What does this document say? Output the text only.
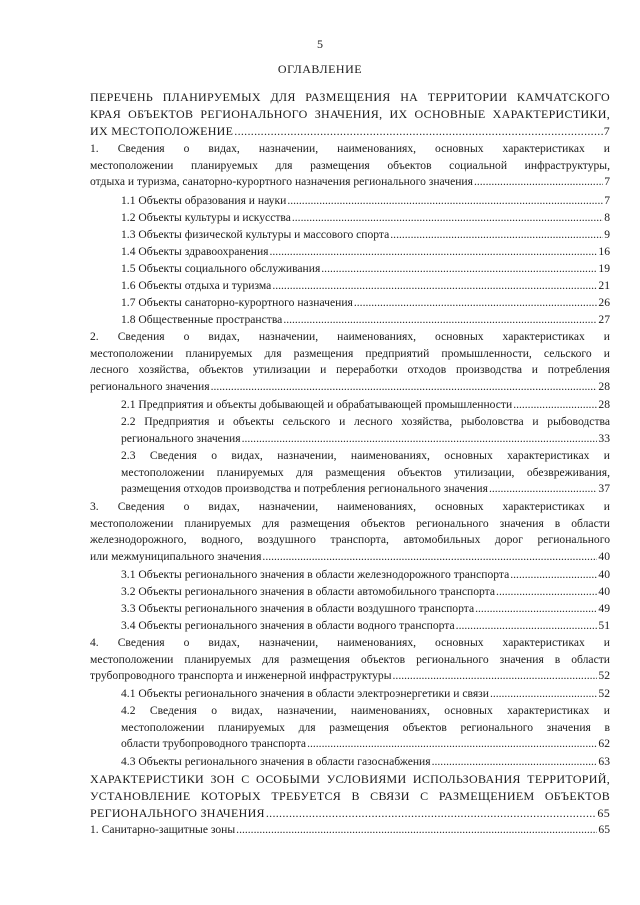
5
ОГЛАВЛЕНИЕ
ПЕРЕЧЕНЬ ПЛАНИРУЕМЫХ ДЛЯ РАЗМЕЩЕНИЯ НА ТЕРРИТОРИИ КАМЧАТСКОГО
КРАЯ ОБЪЕКТОВ РЕГИОНАЛЬНОГО ЗНАЧЕНИЯ, ИХ ОСНОВНЫЕ ХАРАКТЕРИСТИКИ,
ИХ МЕСТОПОЛОЖЕНИЕ .....	7
1. Сведения о видах, назначении, наименованиях, основных характеристиках и
местоположении планируемых для размещения объектов социальной инфраструктуры,
отдыха и туризма, санаторно-курортного назначения регионального значения .....	7
1.1 Объекты образования и науки .....	7
1.2 Объекты культуры и искусства .....	8
1.3 Объекты физической культуры и массового спорта .....	9
1.4 Объекты здравоохранения .....	16
1.5 Объекты социального обслуживания .....	19
1.6 Объекты отдыха и туризма .....	21
1.7 Объекты санаторно-курортного назначения .....	26
1.8 Общественные пространства .....	27
2. Сведения о видах, назначении, наименованиях, основных характеристиках и
местоположении планируемых для размещения предприятий промышленности, сельского и
лесного хозяйства, объектов утилизации и переработки отходов производства и потребления
регионального значения .....	28
2.1 Предприятия и объекты добывающей и обрабатывающей промышленности .....	28
2.2 Предприятия и объекты сельского и лесного хозяйства, рыболовства и рыбоводства
регионального значения .....	33
2.3 Сведения о видах, назначении, наименованиях, основных характеристиках и
местоположении планируемых для размещения объектов утилизации, обезвреживания,
размещения отходов производства и потребления регионального значения .....	37
3. Сведения о видах, назначении, наименованиях, основных характеристиках и
местоположении планируемых для размещения объектов регионального значения в области
железнодорожного, водного, воздушного транспорта, автомобильных дорог регионального
или межмуниципального значения .....	40
3.1 Объекты регионального значения в области железнодорожного транспорта .....	40
3.2 Объекты регионального значения в области автомобильного транспорта .....	40
3.3 Объекты регионального значения в области воздушного транспорта .....	49
3.4 Объекты регионального значения в области водного транспорта .....	51
4. Сведения о видах, назначении, наименованиях, основных характеристиках и
местоположении планируемых для размещения объектов регионального значения в области
трубопроводного транспорта и инженерной инфраструктуры .....	52
4.1 Объекты регионального значения в области электроэнергетики и связи .....	52
4.2 Сведения о видах, назначении, наименованиях, основных характеристиках и
местоположении планируемых для размещения объектов регионального значения в
области трубопроводного транспорта .....	62
4.3 Объекты регионального значения в области газоснабжения .....	63
ХАРАКТЕРИСТИКИ ЗОН С ОСОБЫМИ УСЛОВИЯМИ ИСПОЛЬЗОВАНИЯ ТЕРРИТОРИЙ,
УСТАНОВЛЕНИЕ КОТОРЫХ ТРЕБУЕТСЯ В СВЯЗИ С РАЗМЕЩЕНИЕМ ОБЪЕКТОВ
РЕГИОНАЛЬНОГО ЗНАЧЕНИЯ .....	65
1. Санитарно-защитные зоны .....	65
